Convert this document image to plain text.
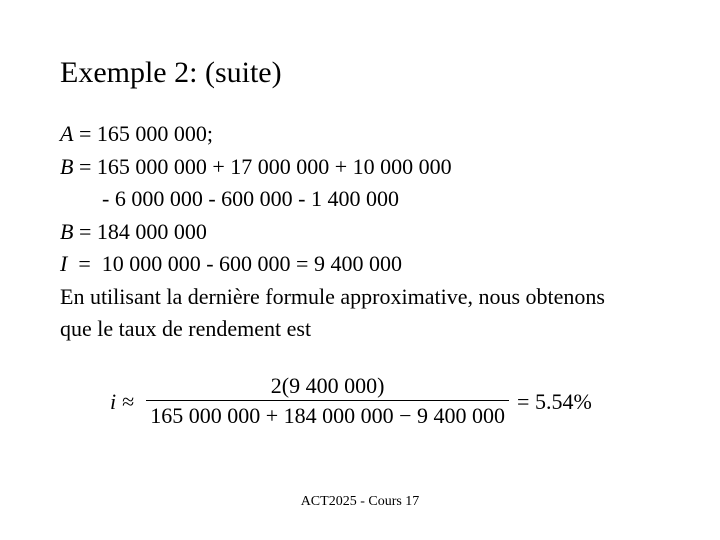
Exemple 2: (suite)
A = 165 000 000;
B = 165 000 000 + 17 000 000 + 10 000 000
- 6 000 000 - 600 000 - 1 400 000
B = 184 000 000
I  =  10 000 000 - 600 000 = 9 400 000
En utilisant la dernière formule approximative, nous obtenons que le taux de rendement est
$i \approx \frac{2(9 400 000)}{165 000 000 + 184 000 000 - 9 400 000} = 5.54\%$
ACT2025 - Cours 17
